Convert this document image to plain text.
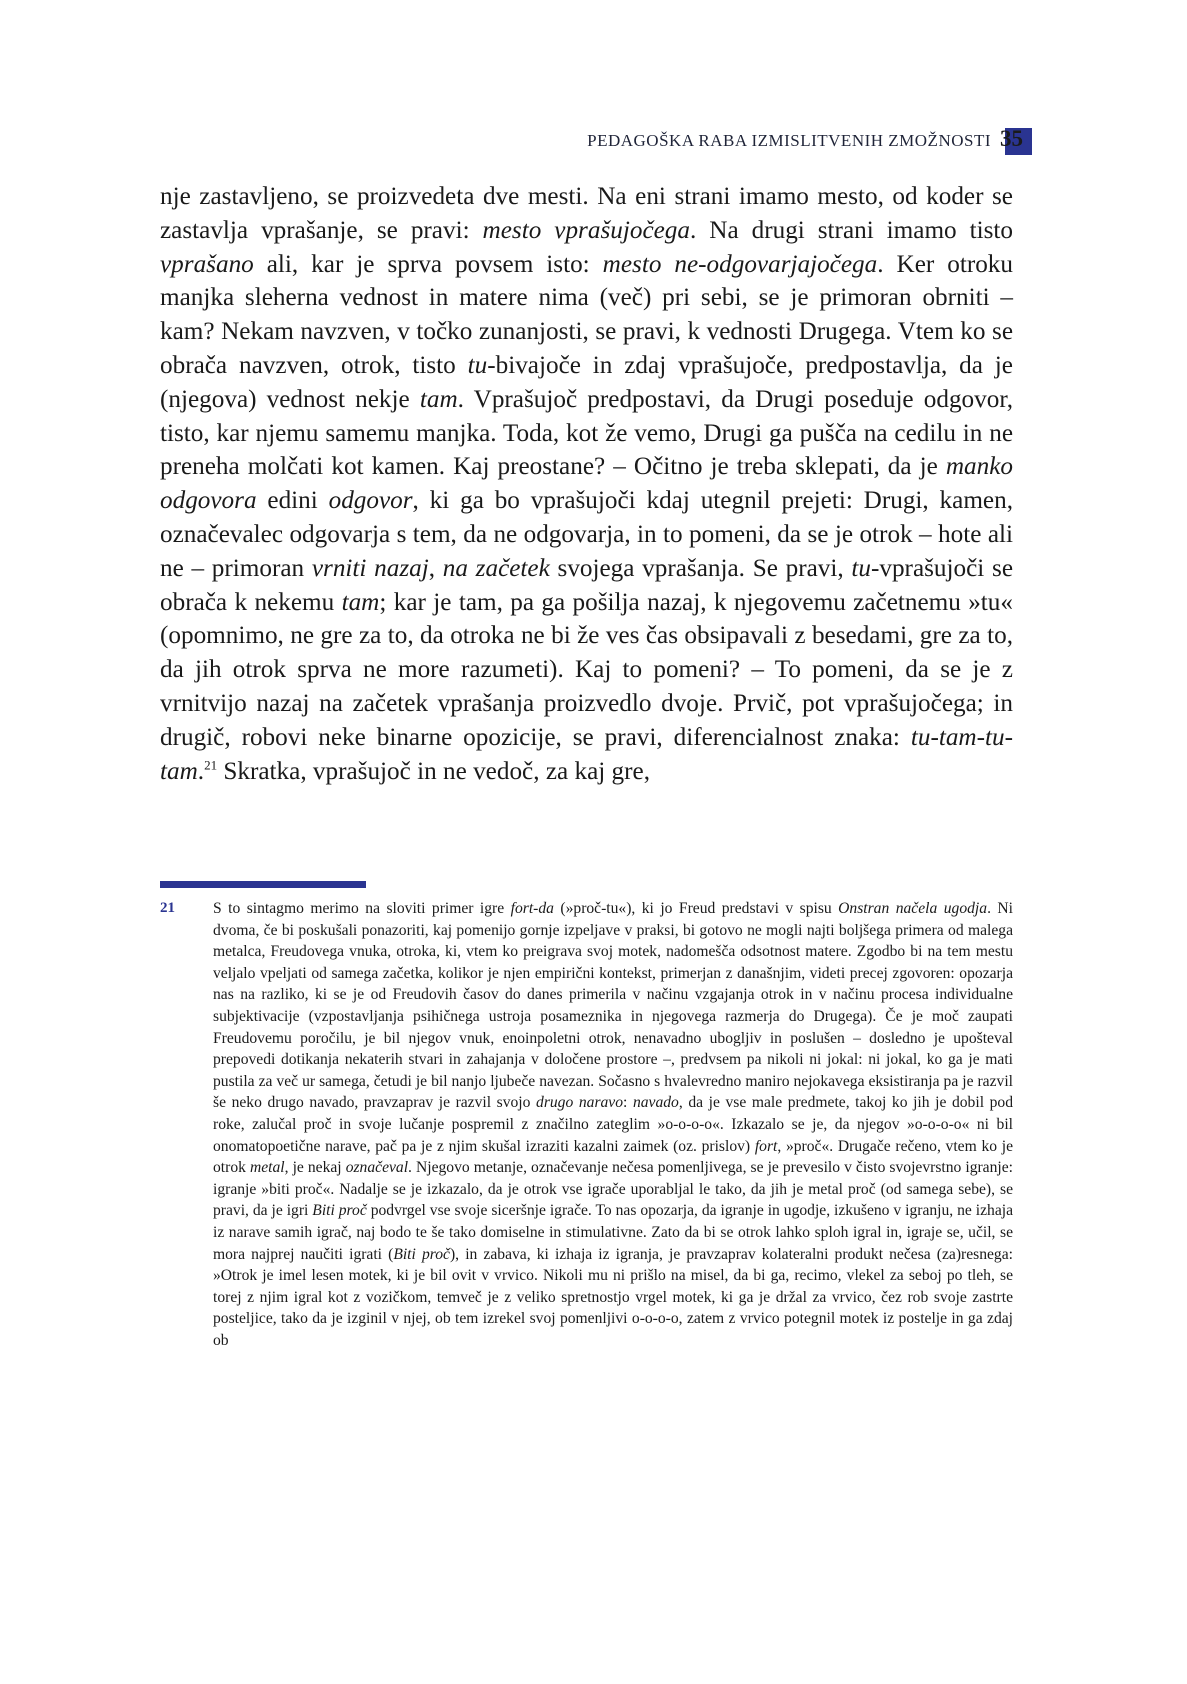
PEDAGOŠKA RABA IZMISLITVENIH ZMOŽNOSTI 35

nje zastavljeno, se proizvedeta dve mesti. Na eni strani imamo mesto, od koder se zastavlja vprašanje, se pravi: mesto vprašujočega. Na drugi strani imamo tisto vprašano ali, kar je sprva povsem isto: mesto ne-odgovarjajočega. Ker otroku manjka sleherna vednost in matere nima (več) pri sebi, se je primoran obrniti – kam? Nekam navzven, v točko zunanjosti, se pravi, k vednosti Drugega. Vtem ko se obrača navzven, otrok, tisto tu-bivajoče in zdaj vprašujoče, predpostavlja, da je (njegova) vednost nekje tam. Vprašujoč predpostavi, da Drugi poseduje odgovor, tisto, kar njemu samemu manjka. Toda, kot že vemo, Drugi ga pušča na cedilu in ne preneha molčati kot kamen. Kaj preostane? – Očitno je treba sklepati, da je manko odgovora edini odgovor, ki ga bo vprašujoči kdaj utegnil prejeti: Drugi, kamen, označevalec odgovarja s tem, da ne odgovarja, in to pomeni, da se je otrok – hote ali ne – primoran vrniti nazaj, na začetek svojega vprašanja. Se pravi, tu-vprašujoči se obrača k nekemu tam; kar je tam, pa ga pošilja nazaj, k njegovemu začetnemu »tu« (opomnimo, ne gre za to, da otroka ne bi že ves čas obsipavali z besedami, gre za to, da jih otrok sprva ne more razumeti). Kaj to pomeni? – To pomeni, da se je z vrnitvijo nazaj na začetek vprašanja proizvedlo dvoje. Prvič, pot vprašujočega; in drugič, robovi neke binarne opozicije, se pravi, diferencialnost znaka: tu-tam-tu-tam.$^{21}$ Skratka, vprašujoč in ne vedoč, za kaj gre,

21 S to sintagmo merimo na sloviti primer igre fort-da (»proč-tu«), ki jo Freud predstavi v spisu Onstran načela ugodja. Ni dvoma, če bi poskušali ponazoriti, kaj pomenijo gornje izpeljave v praksi, bi gotovo ne mogli najti boljšega primera od malega metalca, Freudovega vnuka, otroka, ki, vtem ko preigrava svoj motek, nadomešča odsotnost matere. Zgodbo bi na tem mestu veljalo vpeljati od samega začetka, kolikor je njen empirični kontekst, primerjan z današnjim, videti precej zgovoren: opozarja nas na razliko, ki se je od Freudovih časov do danes primerila v načinu vzgajanja otrok in v načinu procesa individualne subjektivacije (vzpostavljanja psihičnega ustroja posameznika in njegovega razmerja do Drugega). Če je moč zaupati Freudovemu poročilu, je bil njegov vnuk, enoinpoletni otrok, nenavadno ubogljiv in poslušen – dosledno je upošteval prepovedi dotikanja nekaterih stvari in zahajanja v določene prostore –, predvsem pa nikoli ni jokal: ni jokal, ko ga je mati pustila za več ur samega, četudi je bil nanjo ljubeče navezan. Sočasno s hvalevredno maniro nejokavega eksistiranja pa je razvil še neko drugo navado, pravzaprav je razvil svojo drugo naravo: navado, da je vse male predmete, takoj ko jih je dobil pod roke, zalučal proč in svoje lučanje pospremil z značilno zateglim »o-o-o-o«. Izkazalo se je, da njegov »o-o-o-o« ni bil onomatopoetične narave, pač pa je z njim skušal izraziti kazalni zaimek (oz. prislov) fort, »proč«. Drugače rečeno, vtem ko je otrok metal, je nekaj označeval. Njegovo metanje, označevanje nečesa pomenljivega, se je prevesilo v čisto svojevrstno igranje: igranje »biti proč«. Nadalje se je izkazalo, da je otrok vse igrače uporabljal le tako, da jih je metal proč (od samega sebe), se pravi, da je igri Biti proč podvrgel vse svoje siceršnje igrače. To nas opozarja, da igranje in ugodje, izkušeno v igranju, ne izhaja iz narave samih igrač, naj bodo te še tako domiselne in stimulativne. Zato da bi se otrok lahko sploh igral in, igraje se, učil, se mora najprej naučiti igrati (Biti proč), in zabava, ki izhaja iz igranja, je pravzaprav kolateralni produkt nečesa (za)resnega: »Otrok je imel lesen motek, ki je bil ovit v vrvico. Nikoli mu ni prišlo na misel, da bi ga, recimo, vlekel za seboj po tleh, se torej z njim igral kot z vozičkom, temveč je z veliko spretnostjo vrgel motek, ki ga je držal za vrvico, čez rob svoje zastrte posteljice, tako da je izginil v njej, ob tem izrekel svoj pomenljivi o-o-o-o, zatem z vrvico potegnil motek iz postelje in ga zdaj ob
